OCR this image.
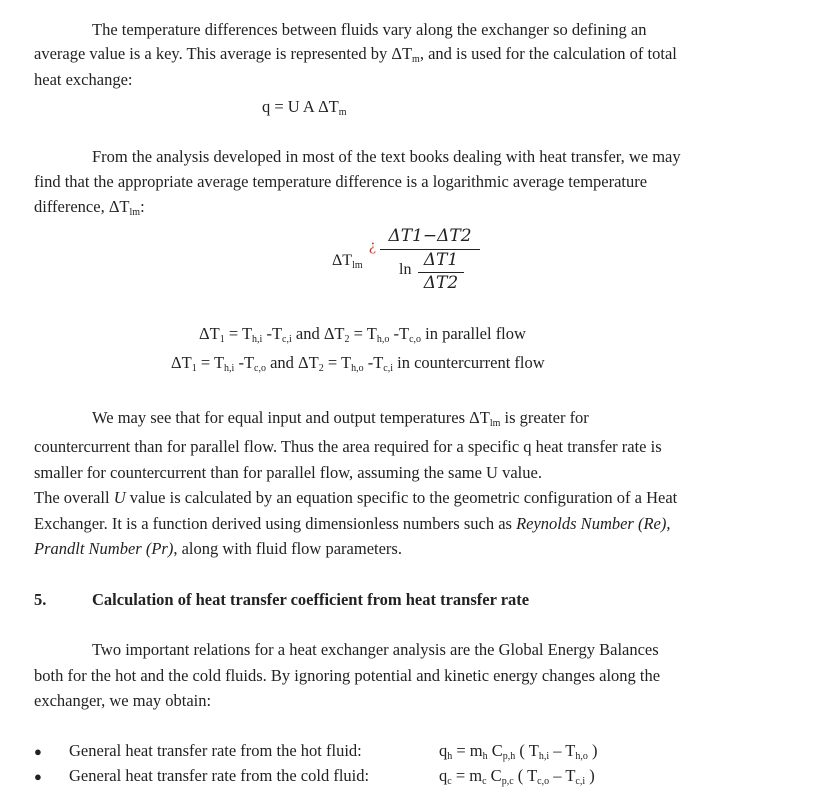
The temperature differences between fluids vary along the exchanger so defining an
average value is a key. This average is represented by $\Delta T_m$, and is used for the calculation of total
heat exchange:
q = U A $\Delta T_m$
From the analysis developed in most of the text books dealing with heat transfer, we may
find that the appropriate average temperature difference is a logarithmic average temperature
difference, $\Delta T_{lm}$:
$\Delta T_{lm}$
¿ ΔT1−ΔT2
ln ΔT1
ΔT2
$\Delta T_1 = T_{h,i}$ $-T_{c,i}$ and $\Delta T_2 = T_{h,o}$ $-T_{c,o}$ in parallel flow
$\Delta T_1 = T_{h,i}$ $-T_{c,o}$ and $\Delta T_2 = T_{h,o}$ $-T_{c,i}$ in countercurrent flow
We may see that for equal input and output temperatures $\Delta T_{lm}$ is greater for
countercurrent than for parallel flow. Thus the area required for a specific q heat transfer rate is
smaller for countercurrent than for parallel flow, assuming the same U value.
The overall U value is calculated by an equation specific to the geometric configuration of a Heat
Exchanger. It is a function derived using dimensionless numbers such as Reynolds Number (Re),
Prandlt Number (Pr), along with fluid flow parameters.
5.	Calculation of heat transfer coefficient from heat transfer rate
Two important relations for a heat exchanger analysis are the Global Energy Balances
both for the hot and the cold fluids. By ignoring potential and kinetic energy changes along the
exchanger, we may obtain:
● General heat transfer rate from the hot fluid:	$q_h = m_h$ $C_{p,h}$ ( $T_{h,i} - T_{h,o}$ )
● General heat transfer rate from the cold fluid:	$q_c = m_c$ $C_{p,c}$ ( $T_{c,o} - T_{c,i}$ )
